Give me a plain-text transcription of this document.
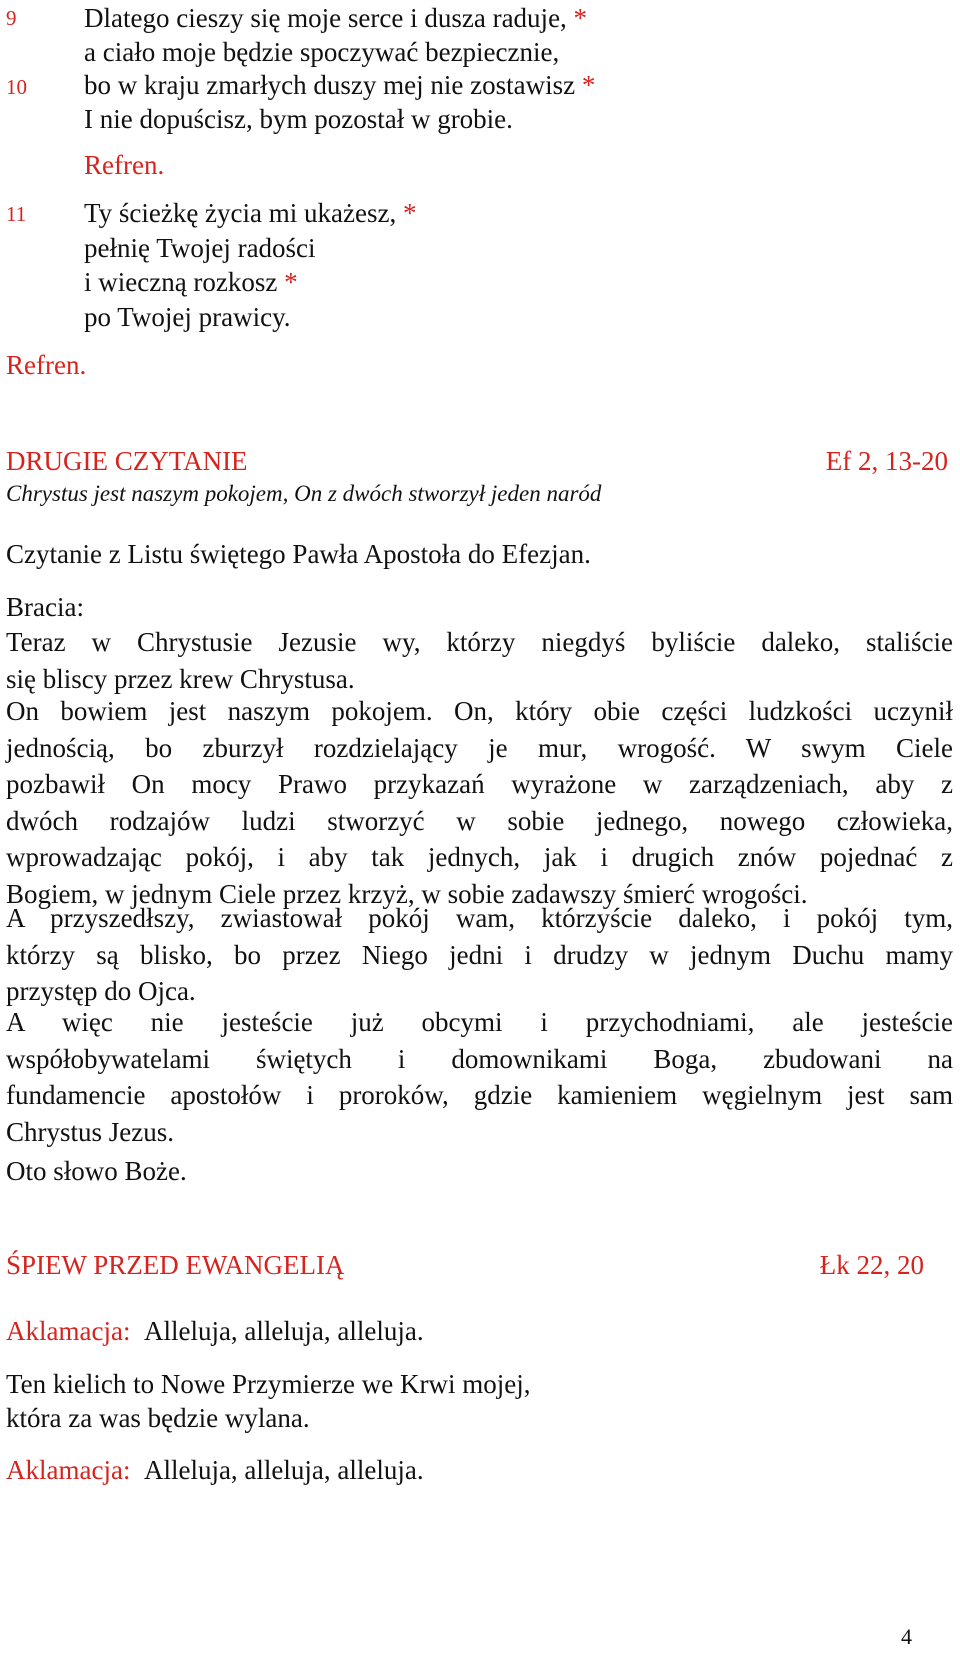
9	Dlatego cieszy się moje serce i dusza raduje, *
a ciało moje będzie spoczywać bezpiecznie,
10 bo w kraju zmarłych duszy mej nie zostawisz *
I nie dopuścisz, bym pozostał w grobie.
Refren.
11 Ty ścieżkę życia mi ukażesz, *
pełnię Twojej radości
i wieczną rozkosz *
po Twojej prawicy.
Refren.
DRUGIE CZYTANIE	Ef 2, 13-20
Chrystus jest naszym pokojem, On z dwóch stworzył jeden naród
Czytanie z Listu świętego Pawła Apostoła do Efezjan.
Bracia:
Teraz w Chrystusie Jezusie wy, którzy niegdyś byliście daleko, staliście
się bliscy przez krew Chrystusa.
On bowiem jest naszym pokojem. On, który obie części ludzkości uczynił
jednością, bo zburzył rozdzielający je mur, wrogość. W swym Ciele
pozbawił On mocy Prawo przykazań wyrażone w zarządzeniach, aby z
dwóch rodzajów ludzi stworzyć w sobie jednego, nowego człowieka,
wprowadzając pokój, i aby tak jednych, jak i drugich znów pojednać z
Bogiem, w jednym Ciele przez krzyż, w sobie zadawszy śmierć wrogości.
A przyszedłszy, zwiastował pokój wam, którzyście daleko, i pokój tym,
którzy są blisko, bo przez Niego jedni i drudzy w jednym Duchu mamy
przystęp do Ojca.
A więc nie jesteście już obcymi i przychodniami, ale jesteście
współobywatelami świętych i domownikami Boga, zbudowani na
fundamencie apostołów i proroków, gdzie kamieniem węgielnym jest sam
Chrystus Jezus.
Oto słowo Boże.
ŚPIEW PRZED EWANGELIĄ	Łk 22, 20
Aklamacja: Alleluja, alleluja, alleluja.
Ten kielich to Nowe Przymierze we Krwi mojej,
która za was będzie wylana.
Aklamacja: Alleluja, alleluja, alleluja.
4
